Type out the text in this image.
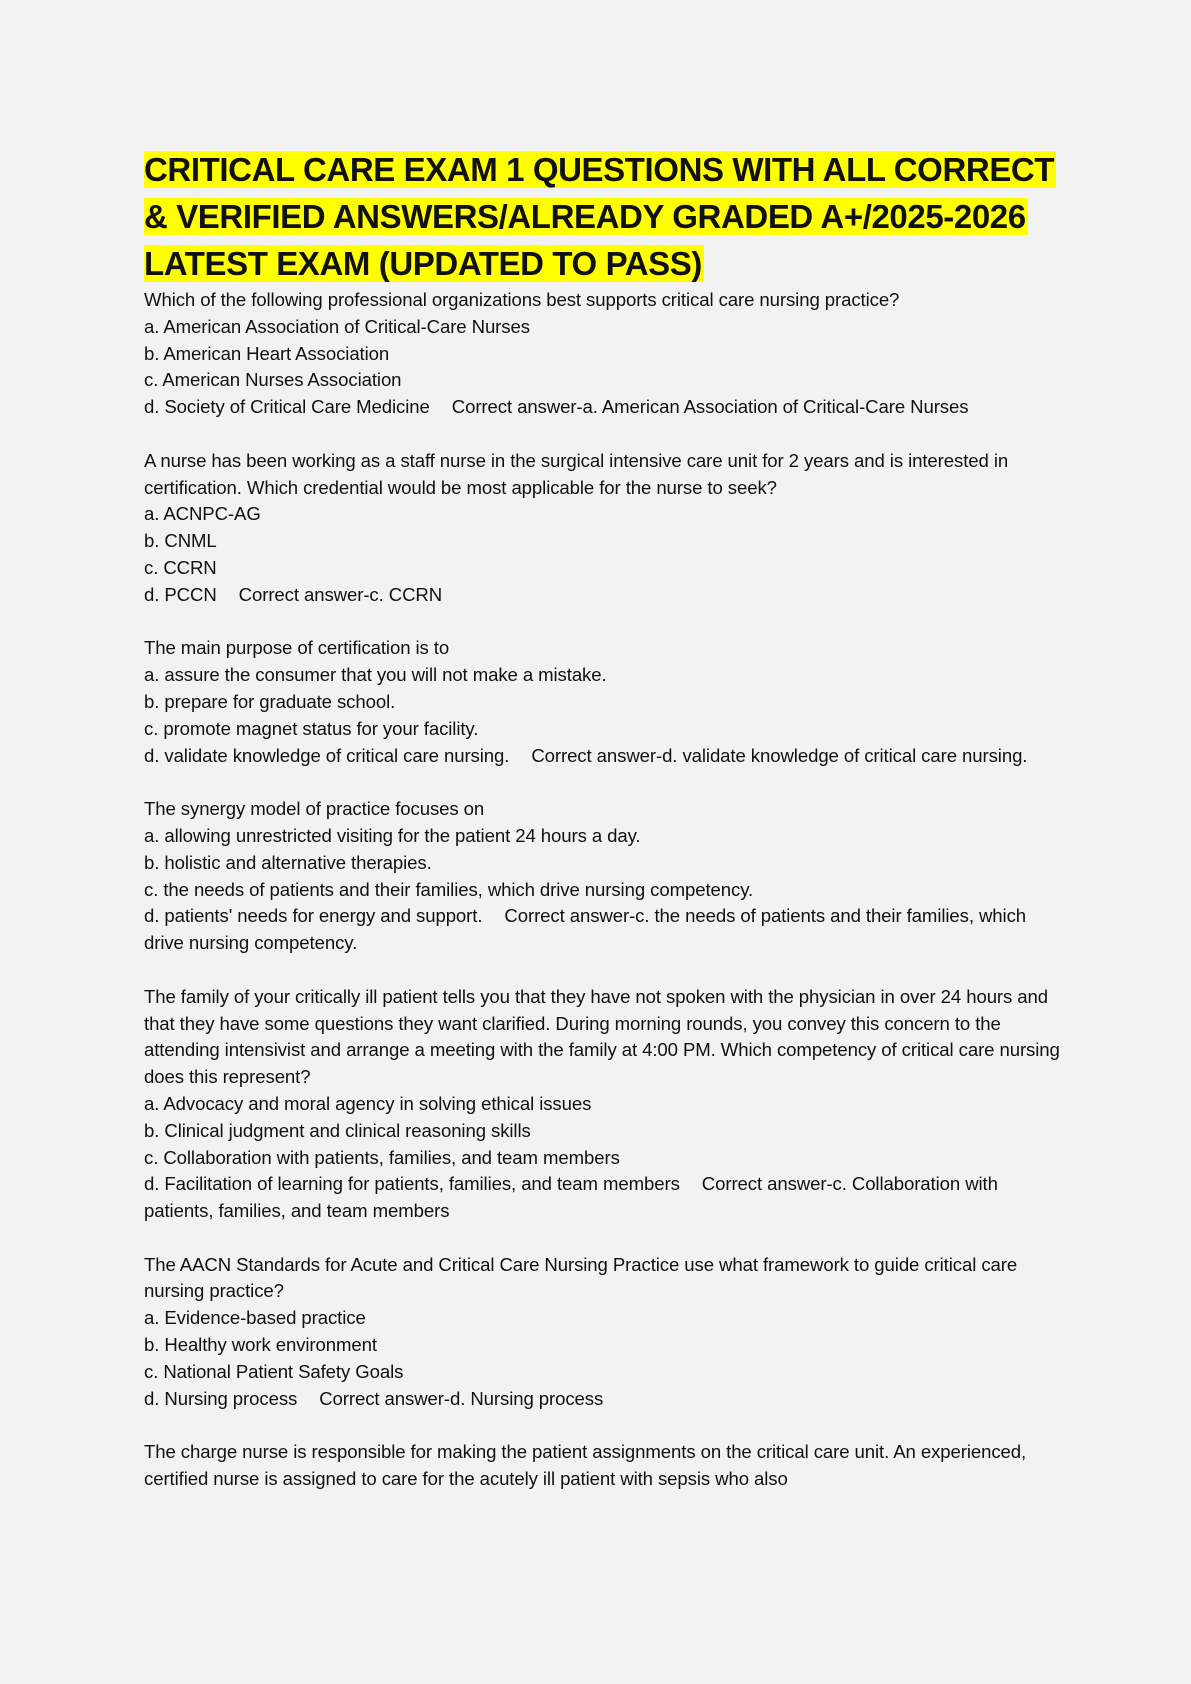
CRITICAL CARE EXAM 1 QUESTIONS WITH ALL CORRECT & VERIFIED ANSWERS/ALREADY GRADED A+/2025-2026 LATEST EXAM (UPDATED TO PASS)
Which of the following professional organizations best supports critical care nursing practice?
a. American Association of Critical-Care Nurses
b. American Heart Association
c. American Nurses Association
d. Society of Critical Care Medicine Correct answer-a. American Association of Critical-Care Nurses
A nurse has been working as a staff nurse in the surgical intensive care unit for 2 years and is interested in certification. Which credential would be most applicable for the nurse to seek?
a. ACNPC-AG
b. CNML
c. CCRN
d. PCCN Correct answer-c. CCRN
The main purpose of certification is to
a. assure the consumer that you will not make a mistake.
b. prepare for graduate school.
c. promote magnet status for your facility.
d. validate knowledge of critical care nursing. Correct answer-d. validate knowledge of critical care nursing.
The synergy model of practice focuses on
a. allowing unrestricted visiting for the patient 24 hours a day.
b. holistic and alternative therapies.
c. the needs of patients and their families, which drive nursing competency.
d. patients' needs for energy and support. Correct answer-c. the needs of patients and their families, which drive nursing competency.
The family of your critically ill patient tells you that they have not spoken with the physician in over 24 hours and that they have some questions they want clarified. During morning rounds, you convey this concern to the attending intensivist and arrange a meeting with the family at 4:00 PM. Which competency of critical care nursing does this represent?
a. Advocacy and moral agency in solving ethical issues
b. Clinical judgment and clinical reasoning skills
c. Collaboration with patients, families, and team members
d. Facilitation of learning for patients, families, and team members Correct answer-c. Collaboration with patients, families, and team members
The AACN Standards for Acute and Critical Care Nursing Practice use what framework to guide critical care nursing practice?
a. Evidence-based practice
b. Healthy work environment
c. National Patient Safety Goals
d. Nursing process Correct answer-d. Nursing process
The charge nurse is responsible for making the patient assignments on the critical care unit. An experienced, certified nurse is assigned to care for the acutely ill patient with sepsis who also
